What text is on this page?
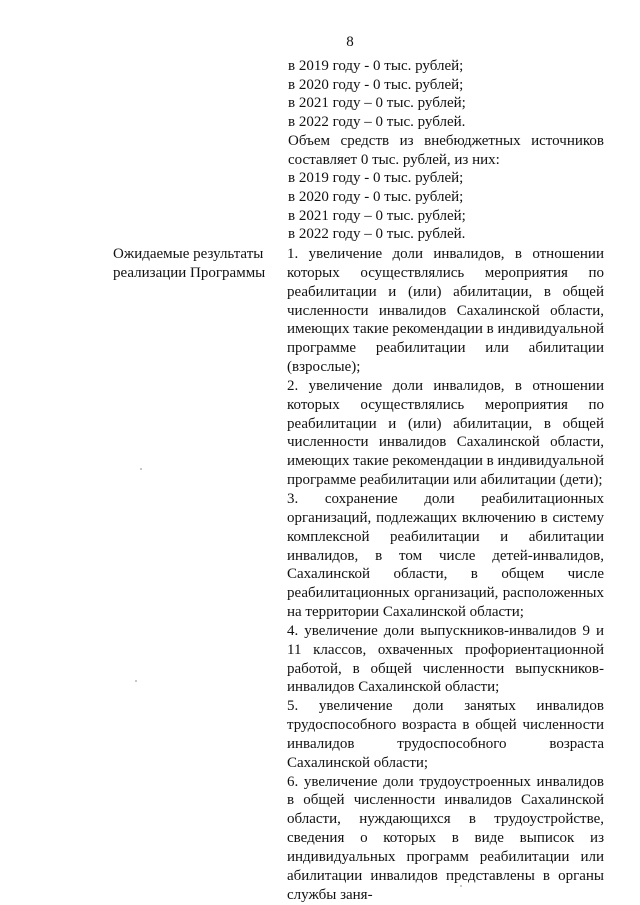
8
в 2019 году - 0 тыс. рублей;
в 2020 году - 0 тыс. рублей;
в 2021 году – 0 тыс. рублей;
в 2022 году – 0 тыс. рублей.
Объем средств из внебюджетных источников составляет 0 тыс. рублей, из них:
в 2019 году - 0 тыс. рублей;
в 2020 году - 0 тыс. рублей;
в 2021 году – 0 тыс. рублей;
в 2022 году – 0 тыс. рублей.
Ожидаемые результаты реализации Программы

1. увеличение доли инвалидов, в отношении которых осуществлялись мероприятия по реабилитации и (или) абилитации, в общей численности инвалидов Сахалинской области, имеющих такие рекомендации в индивидуальной программе реабилитации или абилитации (взрослые);

2. увеличение доли инвалидов, в отношении которых осуществлялись мероприятия по реабилитации и (или) абилитации, в общей численности инвалидов Сахалинской области, имеющих такие рекомендации в индивидуальной программе реабилитации или абилитации (дети);

3. сохранение доли реабилитационных организаций, подлежащих включению в систему комплексной реабилитации и абилитации инвалидов, в том числе детей-инвалидов, Сахалинской области, в общем числе реабилитационных организаций, расположенных на территории Сахалинской области;

4. увеличение доли выпускников-инвалидов 9 и 11 классов, охваченных профориентационной работой, в общей численности выпускников-инвалидов Сахалинской области;

5. увеличение доли занятых инвалидов трудоспособного возраста в общей численности инвалидов трудоспособного возраста Сахалинской области;

6. увеличение доли трудоустроенных инвалидов в общей численности инвалидов Сахалинской области, нуждающихся в трудоустройстве, сведения о которых в виде выписок из индивидуальных программ реабилитации или абилитации инвалидов представлены в органы службы заня-
